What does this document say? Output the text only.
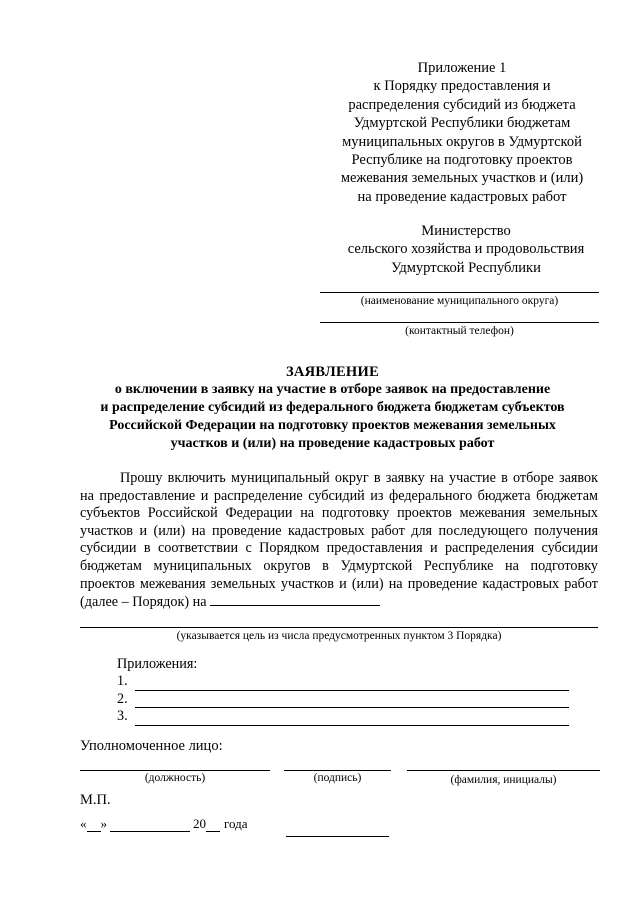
Приложение 1
к Порядку предоставления и
распределения субсидий из бюджета
Удмуртской Республики бюджетам
муниципальных округов в Удмуртской
Республике на подготовку проектов
межевания земельных участков и (или)
на проведение кадастровых работ
Министерство
сельского хозяйства и продовольствия
Удмуртской Республики
(наименование муниципального округа)
(контактный телефон)
ЗАЯВЛЕНИЕ
о включении в заявку на участие в отборе заявок на предоставление
и распределение субсидий из федерального бюджета бюджетам субъектов
Российской Федерации на подготовку проектов межевания земельных
участков и (или) на проведение кадастровых работ

Прошу включить муниципальный округ в заявку на участие в отборе заявок на предоставление и распределение субсидий из федерального бюджета бюджетам субъектов Российской Федерации на подготовку проектов межевания земельных участков и (или) на проведение кадастровых работ для последующего получения субсидии в соответствии с Порядком предоставления и распределения субсидии бюджетам муниципальных округов в Удмуртской Республике на подготовку проектов межевания земельных участков и (или) на проведение кадастровых работ (далее – Порядок) на

(указывается цель из числа предусмотренных пунктом 3 Порядка)
Приложения:
1.
2.
3.
Уполномоченное лицо:
(должность)	(подпись)	(фамилия, инициалы)
М.П.
« »	20 года
